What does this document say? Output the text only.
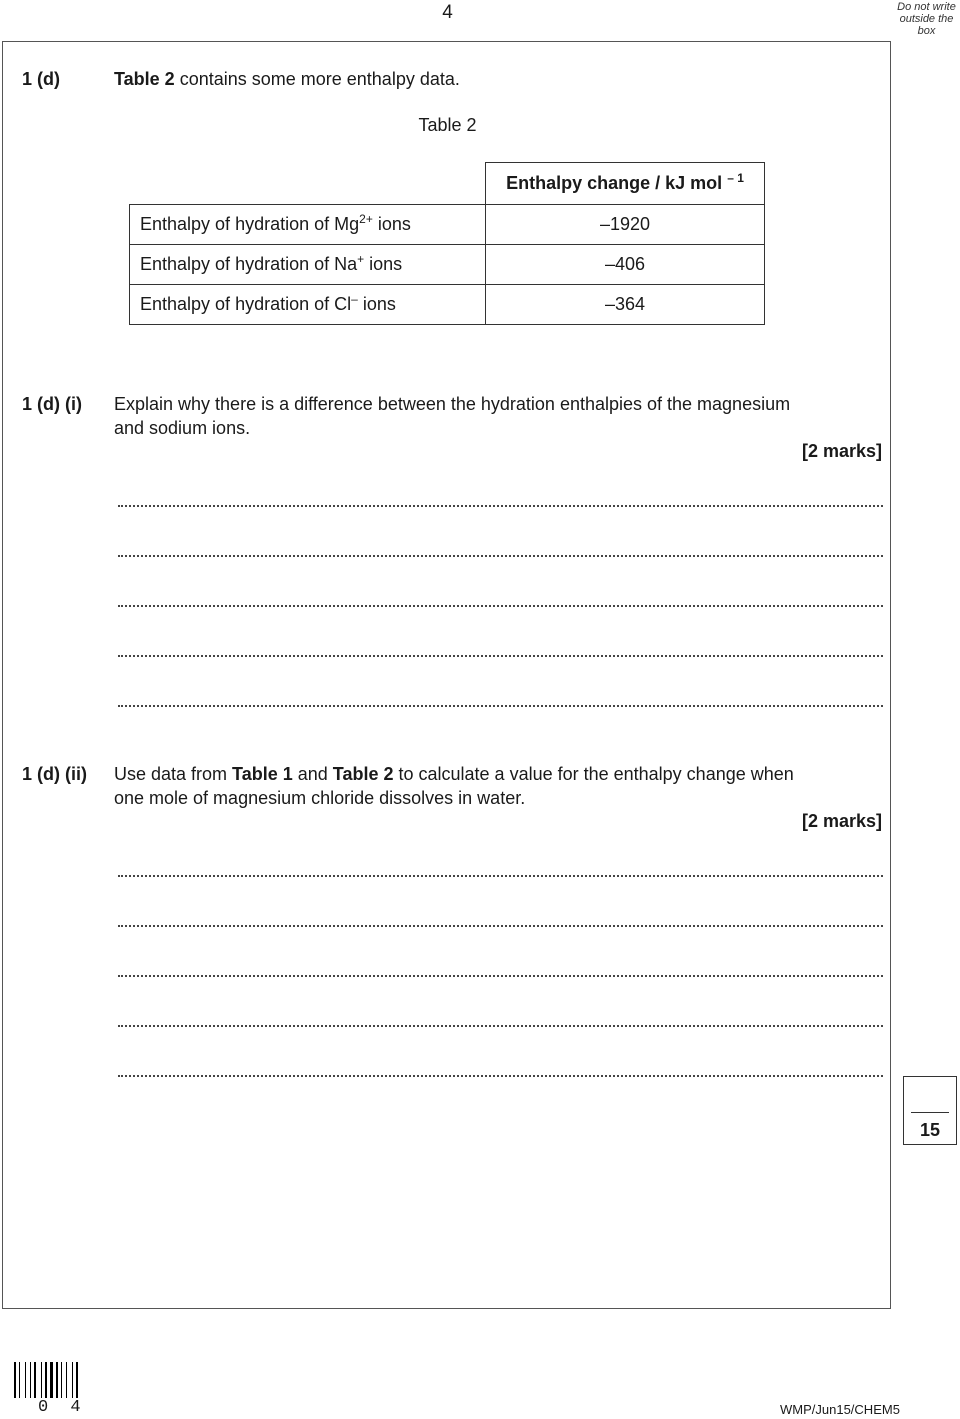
4	Do not write outside the box
1 (d)	Table 2 contains some more enthalpy data.
Table 2
	Enthalpy change / kJ mol $^{- 1}$
Enthalpy of hydration of $Mg^{2+}$ ions	–1920
Enthalpy of hydration of Na+ ions	–406
Enthalpy of hydration of Cl– ions	–364
1 (d) (i) Explain why there is a difference between the hydration enthalpies of the magnesium
and sodium ions.
[2 marks]
1 (d) (ii) Use data from Table 1 and Table 2 to calculate a value for the enthalpy change when
one mole of magnesium chloride dissolves in water.
[2 marks]
15
0 4	WMP/Jun15/CHEM5
